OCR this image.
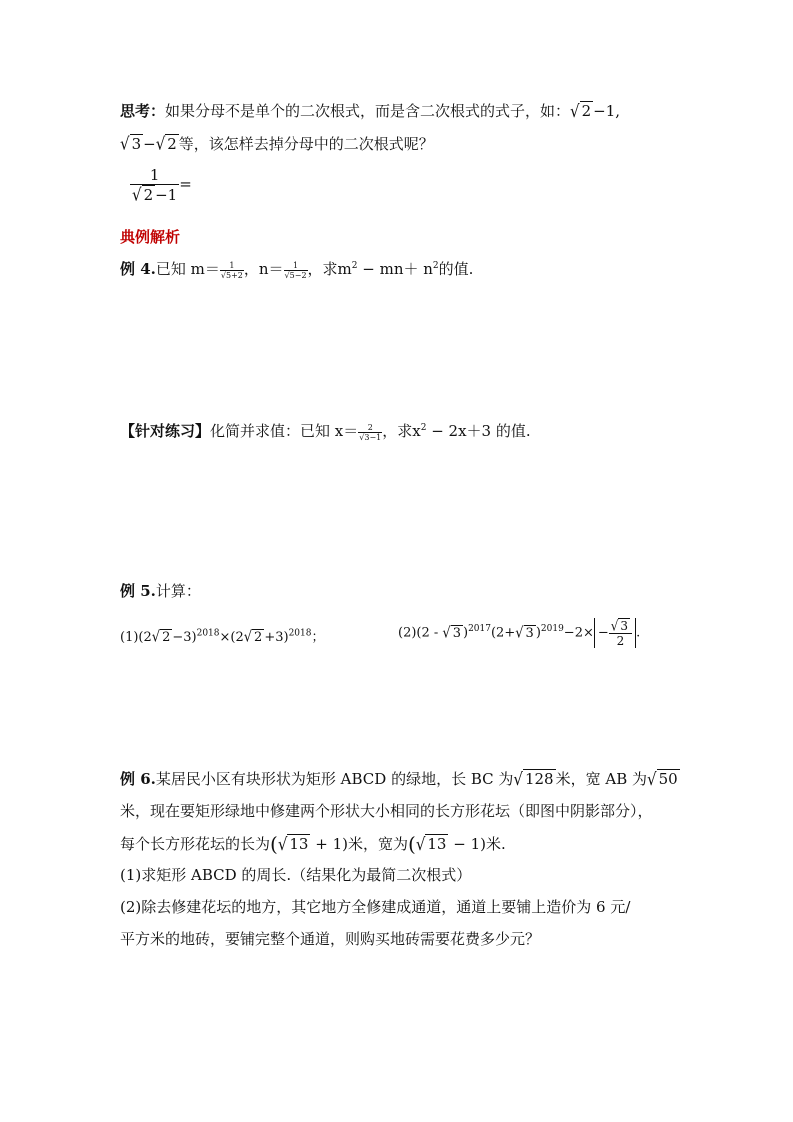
思考：如果分母不是单个的二次根式，而是含二次根式的式子，如：√ 2 −1,
√ 3 −√ 2 等，该怎样去掉分母中的二次根式呢？
$\frac{1}{√ 2 -1}$ =
典例解析
例 4.已知 $m= \frac{1}{√5+2}$ ，$n= \frac{1}{√5-2}$ ，求$m^2 - mn+ n^2$的值.
【针对练习】化简并求值：已知 $x= \frac{2}{√3-1}$ ，求$x^2 - 2x+3$ 的值.
例 5.计算：
(1)(2√ 2 −3)$^{2018}$×(2√ 2 +3)$^{2018}$；	(2)(2 - √ 3 )$^{2017}$(2+√ 3 )$^{2019}-2\times - \frac{√ 3}{2}$ .
例 6.某居民小区有块形状为矩形 ABCD 的绿地，长 BC 为√ 128 米，宽 AB 为√ 50
米，现在要矩形绿地中修建两个形状大小相同的长方形花坛（即图中阴影部分），
每个长方形花坛的长为(√ 13 + 1)米，宽为(√ 13 − 1)米.
(1)求矩形 ABCD 的周长.（结果化为最简二次根式）
(2)除去修建花坛的地方，其它地方全修建成通道，通道上要铺上造价为 6 元/
平方米的地砖，要铺完整个通道，则购买地砖需要花费多少元？
